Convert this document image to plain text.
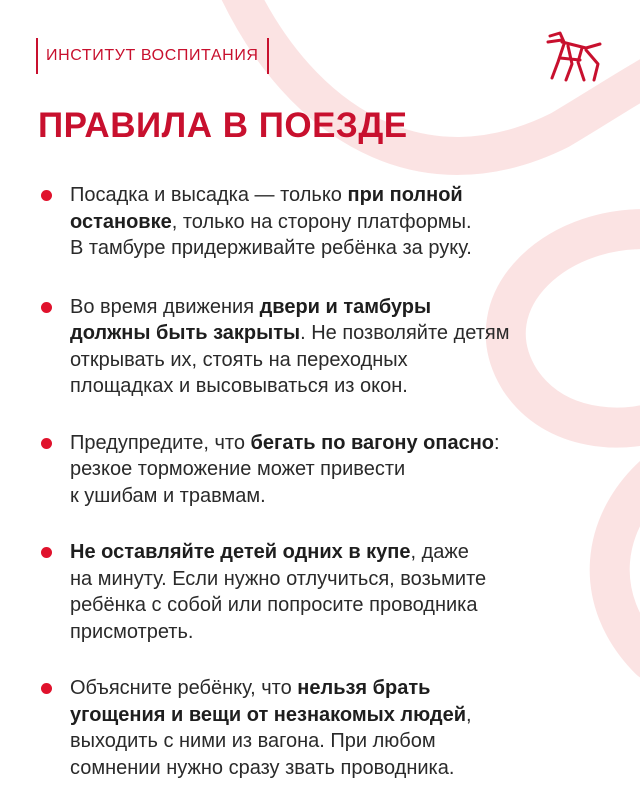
ИНСТИТУТ ВОСПИТАНИЯ
ПРАВИЛА В ПОЕЗДЕ
Посадка и высадка — только при полной
остановке, только на сторону платформы.
В тамбуре придерживайте ребёнка за руку.
Во время движения двери и тамбуры
должны быть закрыты. Не позволяйте детям
открывать их, стоять на переходных
площадках и высовываться из окон.
Предупредите, что бегать по вагону опасно:
резкое торможение может привести
к ушибам и травмам.
Не оставляйте детей одних в купе, даже
на минуту. Если нужно отлучиться, возьмите
ребёнка с собой или попросите проводника
присмотреть.
Объясните ребёнку, что нельзя брать
угощения и вещи от незнакомых людей,
выходить с ними из вагона. При любом
сомнении нужно сразу звать проводника.
